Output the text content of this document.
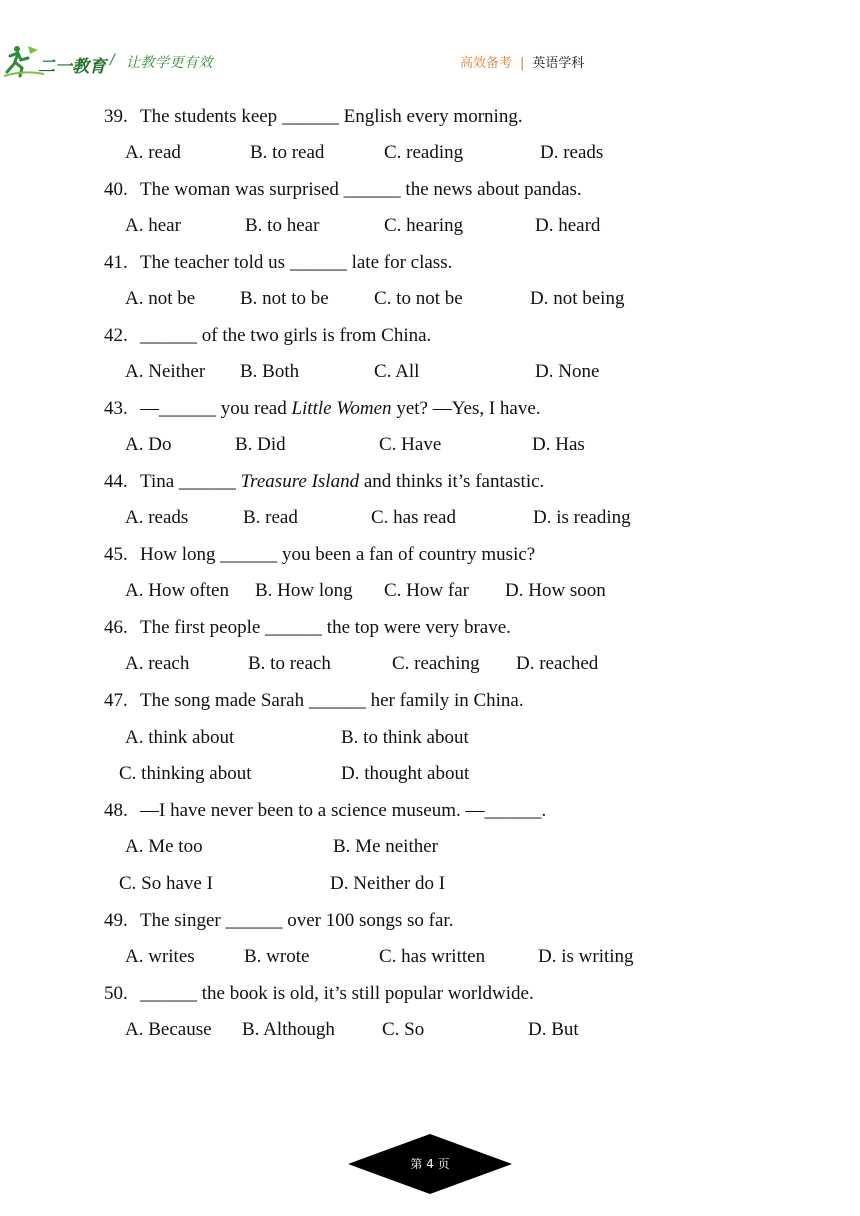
二一教育 / 让教学更有效	高效备考 | 英语学科
39. The students keep ______ English every morning.
A. read	B. to read	C. reading	D. reads
40. The woman was surprised ______ the news about pandas.
A. hear	B. to hear	C. hearing	D. heard
41. The teacher told us ______ late for class.
A. not be B. not to be C. to not be	D. not being
42. ______ of the two girls is from China.
A. Neither B. Both	C. All	D. None
43. —______ you read Little Women yet? —Yes, I have.
A. Do	B. Did	C. Have	D. Has
44. Tina ______ Treasure Island and thinks it’s fantastic.
A. reads	B. read	C. has read	D. is reading
45. How long ______ you been a fan of country music?
A. How often B. How long C. How far D. How soon
46. The first people ______ the top were very brave.
A. reach	B. to reach	C. reaching D. reached
47. The song made Sarah ______ her family in China.
A. think about	B. to think about
C. thinking about	D. thought about
48. —I have never been to a science museum. —______.
A. Me too	B. Me neither
C. So have I	D. Neither do I
49. The singer ______ over 100 songs so far.
A. writes	B. wrote	C. has written	D. is writing
50. ______ the book is old, it’s still popular worldwide.
A. Because B. Although C. So	D. But
第 4 页
